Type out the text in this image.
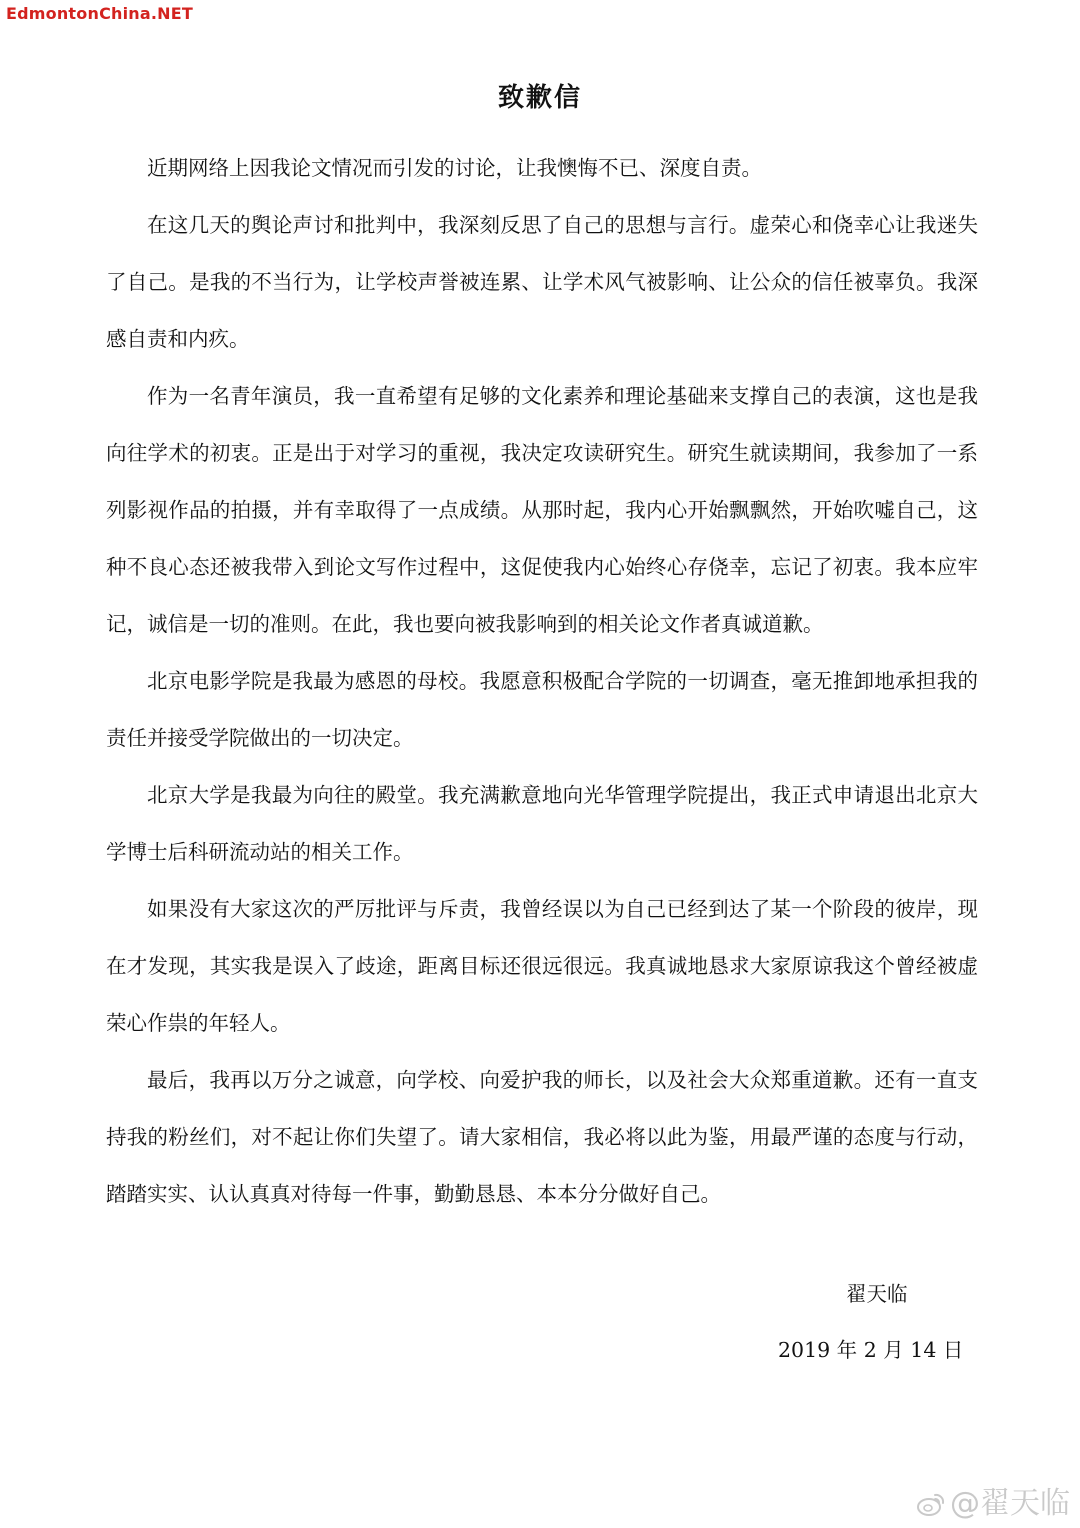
EdmontonChina.NET
致歉信

近期网络上因我论文情况而引发的讨论，让我懊悔不已、深度自责。

在这几天的舆论声讨和批判中，我深刻反思了自己的思想与言行。虚荣心和侥幸心让我迷失了自己。是我的不当行为，让学校声誉被连累、让学术风气被影响、让公众的信任被辜负。我深感自责和内疚。

作为一名青年演员，我一直希望有足够的文化素养和理论基础来支撑自己的表演，这也是我向往学术的初衷。正是出于对学习的重视，我决定攻读研究生。研究生就读期间，我参加了一系列影视作品的拍摄，并有幸取得了一点成绩。从那时起，我内心开始飘飘然，开始吹嘘自己，这种不良心态还被我带入到论文写作过程中，这促使我内心始终心存侥幸，忘记了初衷。我本应牢记，诚信是一切的准则。在此，我也要向被我影响到的相关论文作者真诚道歉。

北京电影学院是我最为感恩的母校。我愿意积极配合学院的一切调查，毫无推卸地承担我的责任并接受学院做出的一切决定。

北京大学是我最为向往的殿堂。我充满歉意地向光华管理学院提出，我正式申请退出北京大学博士后科研流动站的相关工作。

如果没有大家这次的严厉批评与斥责，我曾经误以为自己已经到达了某一个阶段的彼岸，现在才发现，其实我是误入了歧途，距离目标还很远很远。我真诚地恳求大家原谅我这个曾经被虚荣心作祟的年轻人。

最后，我再以万分之诚意，向学校、向爱护我的师长，以及社会大众郑重道歉。还有一直支持我的粉丝们，对不起让你们失望了。请大家相信，我必将以此为鉴，用最严谨的态度与行动，踏踏实实、认认真真对待每一件事，勤勤恳恳、本本分分做好自己。

翟天临
2019 年 2 月 14 日
@翟天临
